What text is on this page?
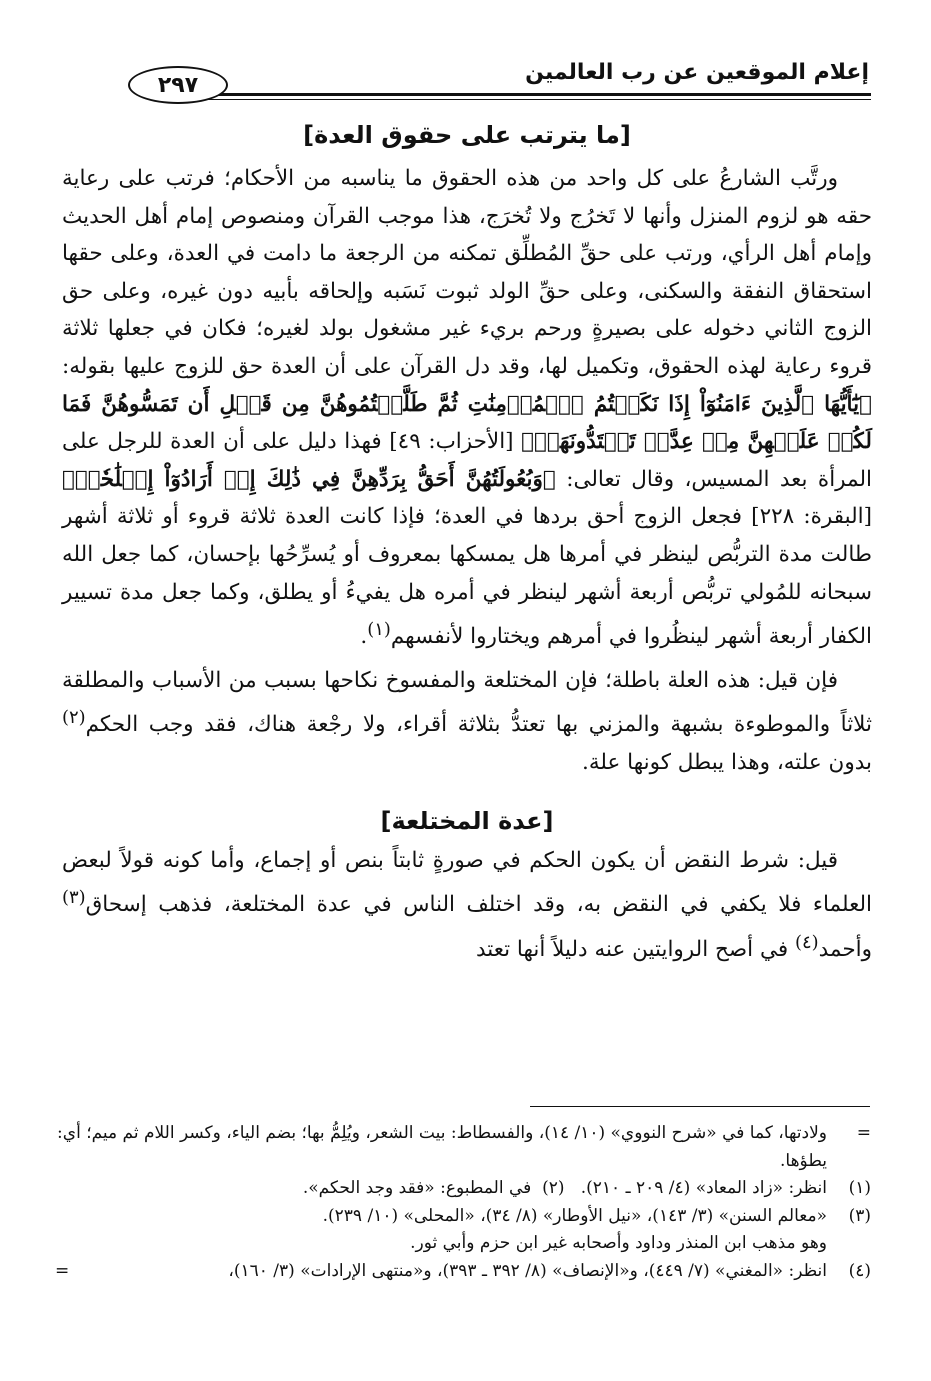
إعلام الموقعين عن رب العالمين
٢٩٧
[ما يترتب على حقوق العدة]

ورتَّب الشارعُ على كل واحد من هذه الحقوق ما يناسبه من الأحكام؛ فرتب على رعاية حقه هو لزوم المنزل وأنها لا تَخرُج ولا تُخرَج، هذا موجب القرآن ومنصوص إمام أهل الحديث وإمام أهل الرأي، ورتب على حقِّ المُطلِّق تمكنه من الرجعة ما دامت في العدة، وعلى حقها استحقاق النفقة والسكنى، وعلى حقِّ الولد ثبوت نَسَبه وإلحاقه بأبيه دون غيره، وعلى حق الزوج الثاني دخوله على بصيرةٍ ورحم بريء غير مشغول بولد لغيره؛ فكان في جعلها ثلاثة قروء رعاية لهذه الحقوق، وتكميل لها، وقد دل القرآن على أن العدة حق للزوج عليها بقوله: ﴿يَٰٓأَيُّهَا ٱلَّذِينَ ءَامَنُوٓاْ إِذَا نَكَحۡتُمُ ٱلۡمُؤۡمِنَٰتِ ثُمَّ طَلَّقۡتُمُوهُنَّ مِن قَبۡلِ أَن تَمَسُّوهُنَّ فَمَا لَكُمۡ عَلَيۡهِنَّ مِنۡ عِدَّةٖ تَعۡتَدُّونَهَاۖ﴾ [الأحزاب: ٤٩] فهذا دليل على أن العدة للرجل على المرأة بعد المسيس، وقال تعالى: ﴿وَبُعُولَتُهُنَّ أَحَقُّ بِرَدِّهِنَّ فِي ذَٰلِكَ إِنۡ أَرَادُوٓاْ إِصۡلَٰحٗاۚ﴾ [البقرة: ٢٢٨] فجعل الزوج أحق بردها في العدة؛ فإذا كانت العدة ثلاثة قروء أو ثلاثة أشهر طالت مدة التربُّص لينظر في أمرها هل يمسكها بمعروف أو يُسرِّحُها بإحسان، كما جعل الله سبحانه للمُولي تربُّص أربعة أشهر لينظر في أمره هل يفيءُ أو يطلق، وكما جعل مدة تسيير الكفار أربعة أشهر لينظُروا في أمرهم ويختاروا لأنفسهم$^{(١)}$.

فإن قيل: هذه العلة باطلة؛ فإن المختلعة والمفسوخ نكاحها بسبب من الأسباب والمطلقة ثلاثاً والموطوءة بشبهة والمزني بها تعتدُّ بثلاثة أقراء، ولا رجْعة هناك، فقد وجب الحكم$^{(٢)}$ بدون علته، وهذا يبطل كونها علة.

[عدة المختلعة]

قيل: شرط النقض أن يكون الحكم في صورةٍ ثابتاً بنص أو إجماع، وأما كونه قولاً لبعض العلماء فلا يكفي في النقض به، وقد اختلف الناس في عدة المختلعة، فذهب إسحاق$^{(٣)}$ وأحمد$^{(٤)}$ في أصح الروايتين عنه دليلاً أنها تعتد

=
ولادتها، كما في «شرح النووي» (١٠/ ١٤)، والفسطاط: بيت الشعر، ويُلِمُّ بها؛ بضم الياء، وكسر اللام ثم ميم؛ أي: يطؤها.
(١)
انظر: «زاد المعاد» (٤/ ٢٠٩ ـ ٢١٠).   (٢)  في المطبوع: «فقد وجد الحكم».
(٣)
«معالم السنن» (٣/ ١٤٣)، «نيل الأوطار» (٨/ ٣٤)، «المحلى» (١٠/ ٢٣٩).
وهو مذهب ابن المنذر وداود وأصحابه غير ابن حزم وأبي ثور.
(٤)
انظر: «المغني» (٧/ ٤٤٩)، و«الإنصاف» (٨/ ٣٩٢ ـ ٣٩٣)، و«منتهى الإرادات» (٣/ ١٦٠)،
=
